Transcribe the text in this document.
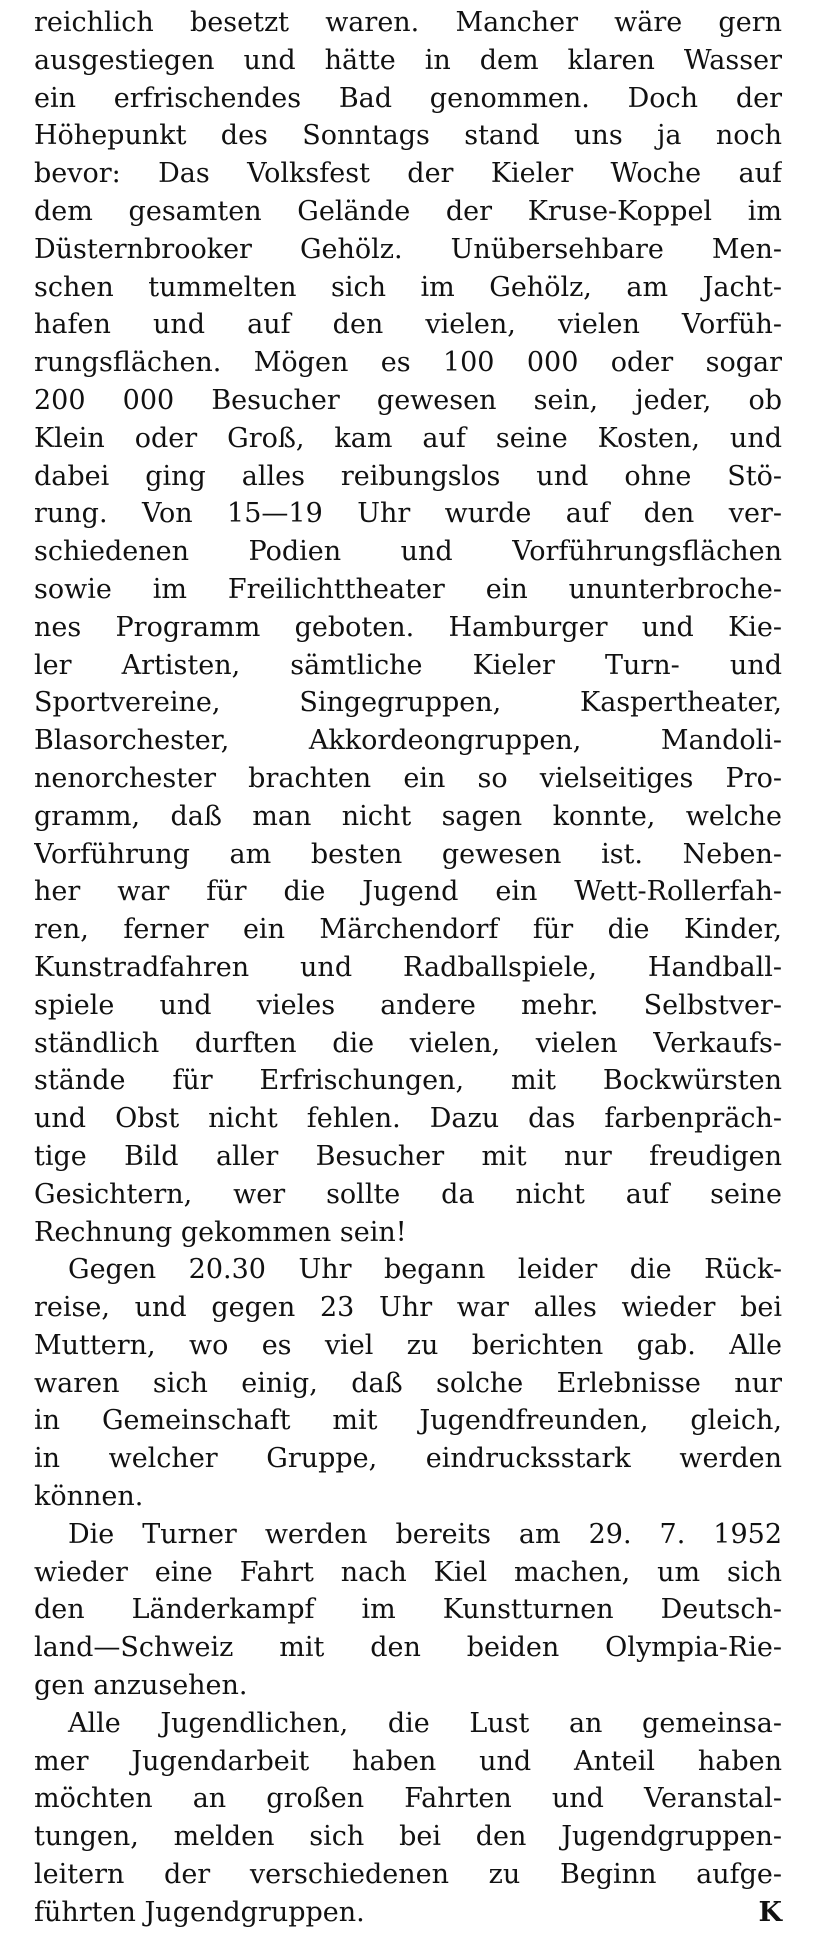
reichlich besetzt waren. Mancher wäre gern
ausgestiegen und hätte in dem klaren Wasser
ein erfrischendes Bad genommen. Doch der
Höhepunkt des Sonntags stand uns ja noch
bevor: Das Volksfest der Kieler Woche auf
dem gesamten Gelände der Kruse-Koppel im
Düsternbrooker Gehölz. Unübersehbare Men-
schen tummelten sich im Gehölz, am Jacht-
hafen und auf den vielen, vielen Vorfüh-
rungsflächen. Mögen es 100 000 oder sogar
200 000 Besucher gewesen sein, jeder, ob
Klein oder Groß, kam auf seine Kosten, und
dabei ging alles reibungslos und ohne Stö-
rung. Von 15—19 Uhr wurde auf den ver-
schiedenen Podien und Vorführungsflächen
sowie im Freilichttheater ein ununterbroche-
nes Programm geboten. Hamburger und Kie-
ler Artisten, sämtliche Kieler Turn- und
Sportvereine, Singegruppen, Kaspertheater,
Blasorchester, Akkordeongruppen, Mandoli-
nenorchester brachten ein so vielseitiges Pro-
gramm, daß man nicht sagen konnte, welche
Vorführung am besten gewesen ist. Neben-
her war für die Jugend ein Wett-Rollerfah-
ren, ferner ein Märchendorf für die Kinder,
Kunstradfahren und Radballspiele, Handball-
spiele und vieles andere mehr. Selbstver-
ständlich durften die vielen, vielen Verkaufs-
stände für Erfrischungen, mit Bockwürsten
und Obst nicht fehlen. Dazu das farbenpräch-
tige Bild aller Besucher mit nur freudigen
Gesichtern, wer sollte da nicht auf seine
Rechnung gekommen sein!
Gegen 20.30 Uhr begann leider die Rück-
reise, und gegen 23 Uhr war alles wieder bei
Muttern, wo es viel zu berichten gab. Alle
waren sich einig, daß solche Erlebnisse nur
in Gemeinschaft mit Jugendfreunden, gleich,
in welcher Gruppe, eindrucksstark werden
können.
Die Turner werden bereits am 29. 7. 1952
wieder eine Fahrt nach Kiel machen, um sich
den Länderkampf im Kunstturnen Deutsch-
land—Schweiz mit den beiden Olympia-Rie-
gen anzusehen.
Alle Jugendlichen, die Lust an gemeinsa-
mer Jugendarbeit haben und Anteil haben
möchten an großen Fahrten und Veranstal-
tungen, melden sich bei den Jugendgruppen-
leitern der verschiedenen zu Beginn aufge-
führten Jugendgruppen.	K
